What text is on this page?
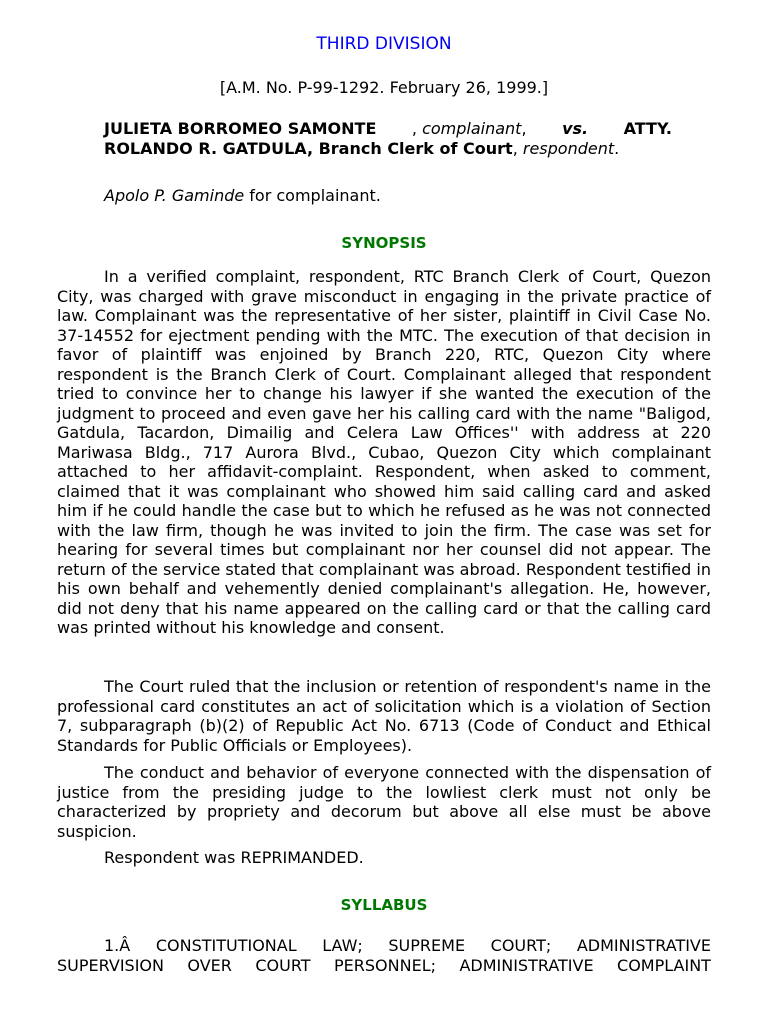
THIRD DIVISION
[A.M. No. P-99-1292. February 26, 1999.]
JULIETA BORROMEO SAMONTE , complainant, vs. ATTY.
ROLANDO R. GATDULA, Branch Clerk of Court, respondent.
Apolo P. Gaminde for complainant.
SYNOPSIS

In a verified complaint, respondent, RTC Branch Clerk of Court, Quezon City, was charged with grave misconduct in engaging in the private practice of law. Complainant was the representative of her sister, plaintiff in Civil Case No. 37-14552 for ejectment pending with the MTC. The execution of that decision in favor of plaintiff was enjoined by Branch 220, RTC, Quezon City where respondent is the Branch Clerk of Court. Complainant alleged that respondent tried to convince her to change his lawyer if she wanted the execution of the judgment to proceed and even gave her his calling card with the name "Baligod, Gatdula, Tacardon, Dimailig and Celera Law Offices'' with address at 220 Mariwasa Bldg., 717 Aurora Blvd., Cubao, Quezon City which complainant attached to her affidavit-complaint. Respondent, when asked to comment, claimed that it was complainant who showed him said calling card and asked him if he could handle the case but to which he refused as he was not connected with the law firm, though he was invited to join the firm. The case was set for hearing for several times but complainant nor her counsel did not appear. The return of the service stated that complainant was abroad. Respondent testified in his own behalf and vehemently denied complainant's allegation. He, however, did not deny that his name appeared on the calling card or that the calling card was printed without his knowledge and consent.

The Court ruled that the inclusion or retention of respondent's name in the professional card constitutes an act of solicitation which is a violation of Section 7, subparagraph (b)(2) of Republic Act No. 6713 (Code of Conduct and Ethical Standards for Public Officials or Employees).

The conduct and behavior of everyone connected with the dispensation of justice from the presiding judge to the lowliest clerk must not only be characterized by propriety and decorum but above all else must be above suspicion.

Respondent was REPRIMANDED.

SYLLABUS
1.Â CONSTITUTIONAL LAW; SUPREME COURT; ADMINISTRATIVE
SUPERVISION OVER COURT PERSONNEL; ADMINISTRATIVE COMPLAINT
